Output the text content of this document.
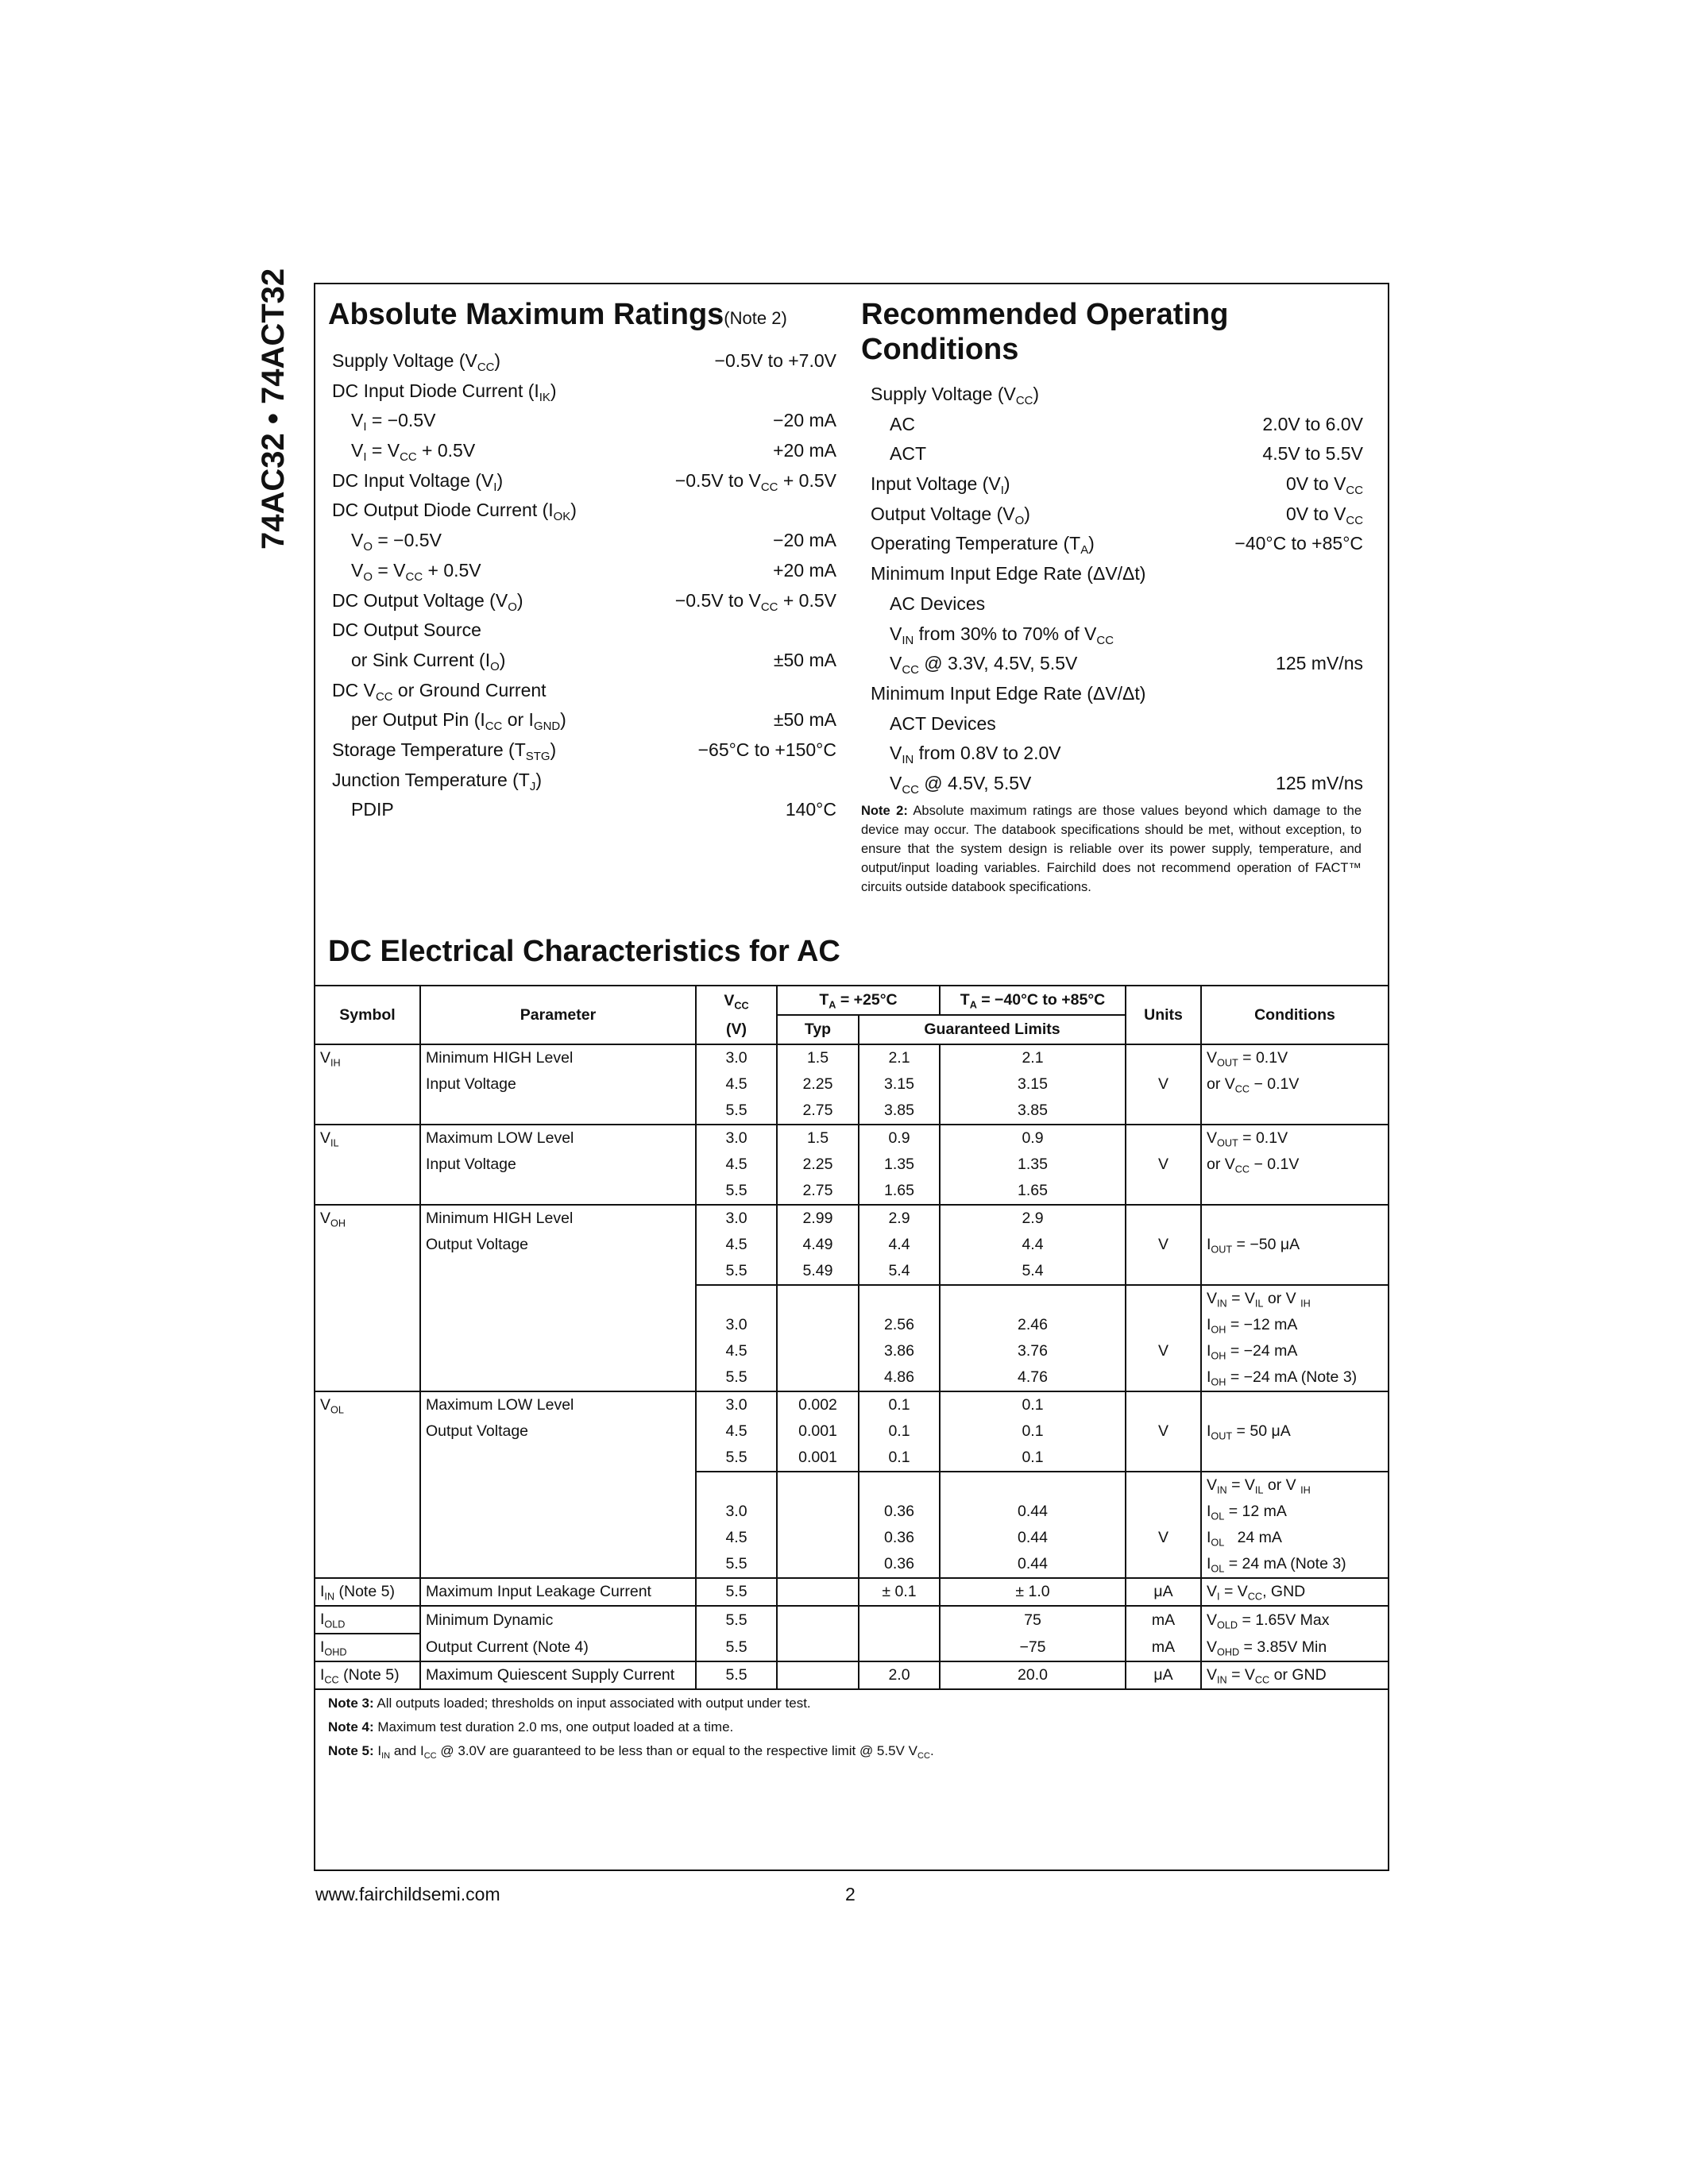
74AC32 • 74ACT32 Absolute Maximum Ratings(Note 2) Recommended Operating
Conditions
Supply Voltage $(V_{CC})$	−0.5V to +7.0V
DC Input Diode Current $(I_{IK})$
$V_I = -0.5V$	−20 mA
$V_I = V_{CC} + 0.5V$	+20 mA
DC Input Voltage $(V_I)$	−0.5V to $V_{CC} + 0.5V$
DC Output Diode Current $(I_{OK})$
$V_O = -0.5V$	−20 mA
$V_O = V_{CC} + 0.5V$	+20 mA
DC Output Voltage $(V_O)$	−0.5V to $V_{CC} + 0.5V$
DC Output Source
or Sink Current $(I_O)$	±50 mA
DC $V_{CC}$ or Ground Current
per Output Pin ($I_{CC}$ or $I_{GND}$)	±50 mA
Storage Temperature $(T_{STG})$	−65°C to +150°C
Junction Temperature $(T_J)$
PDIP	140°C
Supply Voltage $(V_{CC})$
AC	2.0V to 6.0V
ACT	4.5V to 5.5V
Input Voltage $(V_I)$	0V to $V_{CC}$
Output Voltage $(V_O)$	0V to $V_{CC}$
Operating Temperature $(T_A)$	−40°C to +85°C
Minimum Input Edge Rate (ΔV/Δt)
AC Devices
$V_{IN}$ from 30% to 70% of $V_{CC}$
$V_{CC}$ @ 3.3V, 4.5V, 5.5V	125 mV/ns
Minimum Input Edge Rate (ΔV/Δt)
ACT Devices
$V_{IN}$ from 0.8V to 2.0V
$V_{CC}$ @ 4.5V, 5.5V	125 mV/ns
Note 2: Absolute maximum ratings are those values beyond which damage to the device may occur. The databook specifications should be met, without exception, to ensure that the system design is reliable over its power supply, temperature, and output/input loading variables. Fairchild does not recommend operation of FACT™ circuits outside databook specifications.
DC Electrical Characteristics for AC
Symbol	Parameter	$V_{CC}$	$T_A = +25^\circ C$		$T_A = -40^\circ C$ to +85°C	Units	Conditions
		(V)	Typ	Guaranteed Limits			
$V_{IH}$	Minimum HIGH Level	3.0	1.5	2.1	2.1		$V_{OUT} = 0.1V$
	Input Voltage	4.5	2.25	3.15	3.15	V	or $V_{CC} - 0.1V$
		5.5	2.75	3.85	3.85		
$V_{IL}$	Maximum LOW Level	3.0	1.5	0.9	0.9		$V_{OUT} = 0.1V$
	Input Voltage	4.5	2.25	1.35	1.35	V	or $V_{CC} - 0.1V$
		5.5	2.75	1.65	1.65		
$V_{OH}$	Minimum HIGH Level	3.0	2.99	2.9	2.9		
	Output Voltage	4.5	4.49	4.4	4.4	V	$I_{OUT} = -50$ μA
		5.5	5.49	5.4	5.4		
							$V_{IN} = V_{IL}$ or V $_{IH}$
		3.0		2.56	2.46		$I_{OH} = -12$ mA
		4.5		3.86	3.76	V	$I_{OH} = -24$ mA
		5.5		4.86	4.76		$I_{OH} = -24$ mA (Note 3)
$V_{OL}$	Maximum LOW Level	3.0	0.002	0.1	0.1		
	Output Voltage	4.5	0.001	0.1	0.1	V	$I_{OUT} = 50$ μA
		5.5	0.001	0.1	0.1		
							$V_{IN} = V_{IL}$ or V $_{IH}$
		3.0		0.36	0.44		$I_{OL} = 12$ mA
		4.5		0.36	0.44	V	$I_{OL}$   24 mA
		5.5		0.36	0.44		$I_{OL} = 24$ mA (Note 3)
$I_{IN}$ (Note 5)	Maximum Input Leakage Current	5.5		± 0.1	± 1.0	μA	$V_I = V_{CC}$, GND
$I_{OLD}$	Minimum Dynamic	5.5			75	mA	$V_{OLD} = 1.65V$ Max
$I_{OHD}$	Output Current (Note 4)	5.5			−75	mA	$V_{OHD} = 3.85V$ Min
$I_{CC}$ (Note 5)	Maximum Quiescent Supply Current	5.5		2.0	20.0	μA	$V_{IN} = V_{CC}$ or GND
Note 3: All outputs loaded; thresholds on input associated with output under test.
Note 4: Maximum test duration 2.0 ms, one output loaded at a time.
Note 5: $I_{IN}$ and $I_{CC}$ @ 3.0V are guaranteed to be less than or equal to the respective limit @ 5.5V $V_{CC}$.
www.fairchildsemi.com	2
